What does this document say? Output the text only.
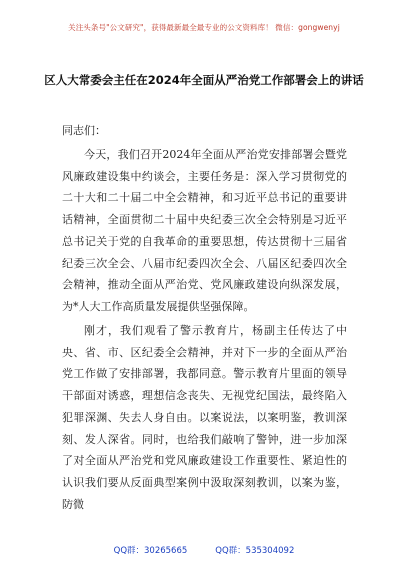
关注头条号"公文研究"，获得最新最全最专业的公文资料库！ 微信：gongwenyj
区人大常委会主任在2024年全面从严治党工作部署会上的讲话
同志们：
今天，我们召开2024年全面从严治党安排部署会暨党风廉政建设集中约谈会，主要任务是：深入学习贯彻党的二十大和二十届二中全会精神，和习近平总书记的重要讲话精神，全面贯彻二十届中央纪委三次全会特别是习近平总书记关于党的自我革命的重要思想，传达贯彻十三届省纪委三次全会、八届市纪委四次全会、八届区纪委四次全会精神，推动全面从严治党、党风廉政建设向纵深发展，为*人大工作高质量发展提供坚强保障。
刚才，我们观看了警示教育片，杨副主任传达了中央、省、市、区纪委全会精神，并对下一步的全面从严治党工作做了安排部署，我都同意。警示教育片里面的领导干部面对诱惑，理想信念丧失、无视党纪国法，最终陷入犯罪深渊、失去人身自由。以案说法，以案明鉴，教训深刻、发人深省。同时，也给我们敲响了警钟，进一步加深了对全面从严治党和党风廉政建设工作重要性、紧迫性的认识我们要从反面典型案例中汲取深刻教训，以案为鉴，防微
QQ群：30265665	QQ群：535304092
